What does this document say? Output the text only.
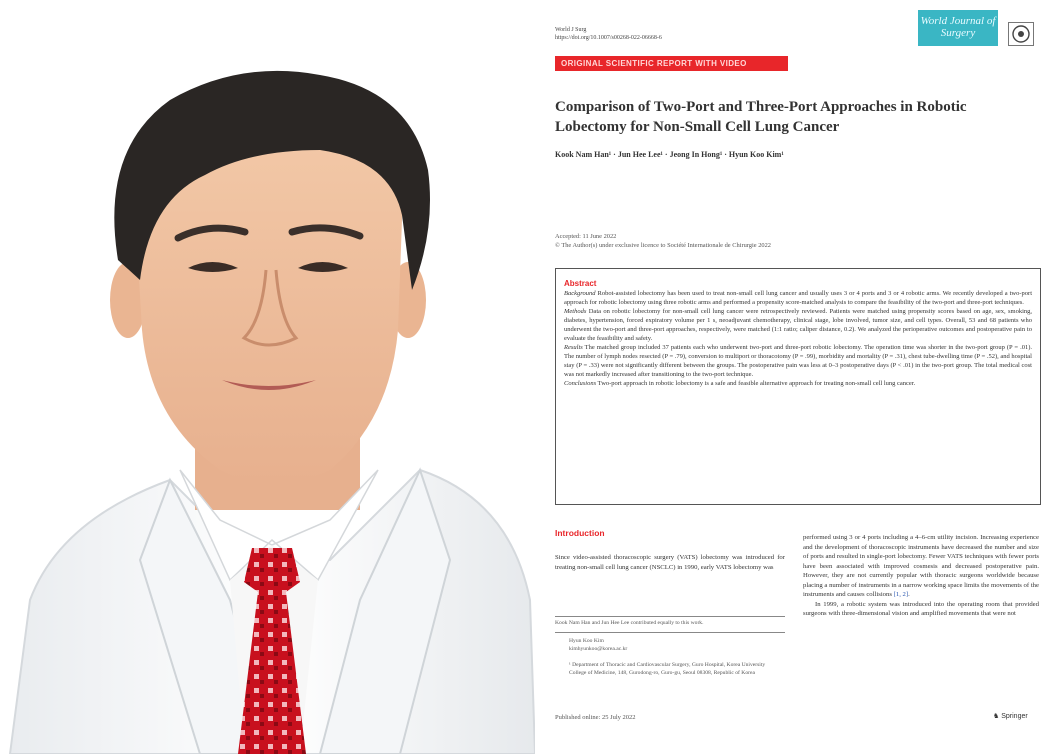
World J Surg
https://doi.org/10.1007/s00268-022-06668-6
World Journal of Surgery
ORIGINAL SCIENTIFIC REPORT WITH VIDEO
Comparison of Two-Port and Three-Port Approaches in Robotic Lobectomy for Non-Small Cell Lung Cancer
Kook Nam Han¹ · Jun Hee Lee¹ · Jeong In Hong¹ · Hyun Koo Kim¹
Accepted: 11 June 2022
© The Author(s) under exclusive licence to Société Internationale de Chirurgie 2022
Abstract
Background Robot-assisted lobectomy has been used to treat non-small cell lung cancer and usually uses 3 or 4 ports and 3 or 4 robotic arms. We recently developed a two-port approach for robotic lobectomy using three robotic arms and performed a propensity score-matched analysis to compare the feasibility of the two-port and three-port techniques.
Methods Data on robotic lobectomy for non-small cell lung cancer were retrospectively reviewed. Patients were matched using propensity scores based on age, sex, smoking, diabetes, hypertension, forced expiratory volume per 1 s, neoadjuvant chemotherapy, clinical stage, lobe involved, tumor size, and cell types. Overall, 53 and 68 patients who underwent the two-port and three-port approaches, respectively, were matched (1:1 ratio; caliper distance, 0.2). We analyzed the perioperative outcomes and postoperative pain to evaluate the feasibility and safety.
Results The matched group included 37 patients each who underwent two-port and three-port robotic lobectomy. The operation time was shorter in the two-port group (P = .01). The number of lymph nodes resected (P = .79), conversion to multiport or thoracotomy (P = .99), morbidity and mortality (P = .31), chest tube-dwelling time (P = .52), and hospital stay (P = .33) were not significantly different between the groups. The postoperative pain was less at 0–3 postoperative days (P < .01) in the two-port group. The total medical cost was not markedly increased after transitioning to the two-port technique.
Conclusions Two-port approach in robotic lobectomy is a safe and feasible alternative approach for treating non-small cell lung cancer.
Introduction

Since video-assisted thoracoscopic surgery (VATS) lobectomy was introduced for treating non-small cell lung cancer (NSCLC) in 1990, early VATS lobectomy was

Kook Nam Han and Jun Hee Lee contributed equally to this work.
Hyun Koo Kim
kimhyunkoo@korea.ac.kr
¹ Department of Thoracic and Cardiovascular Surgery, Guro Hospital, Korea University College of Medicine, 148, Gurodong-ro, Guro-gu, Seoul 08308, Republic of Korea

performed using 3 or 4 ports including a 4–6-cm utility incision. Increasing experience and the development of thoracoscopic instruments have decreased the number and size of ports and resulted in single-port lobectomy. Fewer VATS techniques with fewer ports have been associated with improved cosmesis and decreased postoperative pain. However, they are not currently popular with thoracic surgeons worldwide because placing a number of instruments in a narrow working space limits the movements of the instruments and causes collisions [1, 2].

In 1999, a robotic system was introduced into the operating room that provided surgeons with three-dimensional vision and amplified movements that were not

Published online: 25 July 2022	♞ Springer
